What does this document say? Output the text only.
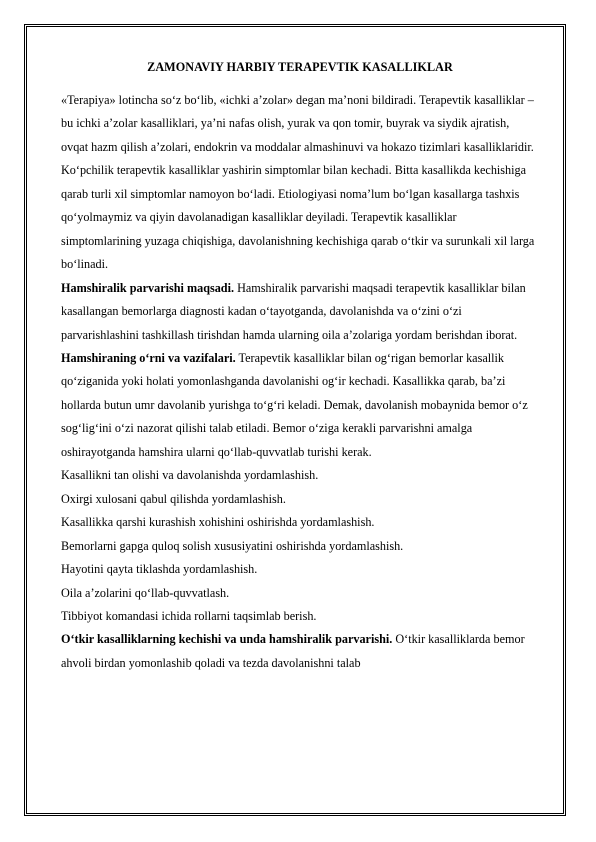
ZAMONAVIY HARBIY TERAPEVTIK KASALLIKLAR

«Terapiya» lotincha so‘z bo‘lib, «ichki a’zolar» degan ma’noni bildiradi. Terapevtik kasalliklar – bu ichki a’zolar kasalliklari, ya’ni nafas olish, yurak va qon tomir, buyrak va siydik ajratish, ovqat hazm qilish a’zolari, endokrin va moddalar almashinuvi va hokazo tizimlari kasalliklaridir.

Ko‘pchilik terapevtik kasalliklar yashirin simptomlar bilan kechadi. Bitta kasallikda kechishiga qarab turli xil simptomlar namoyon bo‘ladi. Etiologiyasi noma’lum bo‘lgan kasallarga tashxis qo‘yolmaymiz va qiyin davolanadigan kasalliklar deyiladi. Terapevtik kasalliklar simptomlarining yuzaga chiqishiga, davolanishning kechishiga qarab o‘tkir va surunkali xil larga bo‘linadi.

Hamshiralik parvarishi maqsadi. Hamshiralik parvarishi maqsadi terapevtik kasalliklar bilan kasallangan bemorlarga diagnosti kadan o‘tayotganda, davolanishda va o‘zini o‘zi parvarishlashini tashkillash tirishdan hamda ularning oila a’zolariga yordam berishdan iborat.

Hamshiraning o‘rni va vazifalari. Terapevtik kasalliklar bilan og‘rigan bemorlar kasallik qo‘ziganida yoki holati yomonlashganda davolanishi og‘ir kechadi. Kasallikka qarab, ba’zi hollarda butun umr davolanib yurishga to‘g‘ri keladi. Demak, davolanish mobaynida bemor o‘z sog‘lig‘ini o‘zi nazorat qilishi talab etiladi. Bemor o‘ziga kerakli parvarishni amalga oshirayotganda hamshira ularni qo‘llab-quvvatlab turishi kerak.

Kasallikni tan olishi va davolanishda yordamlashish.

Oxirgi xulosani qabul qilishda yordamlashish.

Kasallikka qarshi kurashish xohishini oshirishda yordamlashish.

Bemorlarni gapga quloq solish xususiyatini oshirishda yordamlashish.

Hayotini qayta tiklashda yordamlashish.

Oila a’zolarini qo‘llab-quvvatlash.

Tibbiyot komandasi ichida rollarni taqsimlab berish.

O‘tkir kasalliklarning kechishi va unda hamshiralik parvarishi. O‘tkir kasalliklarda bemor ahvoli birdan yomonlashib qoladi va tezda davolanishni talab
